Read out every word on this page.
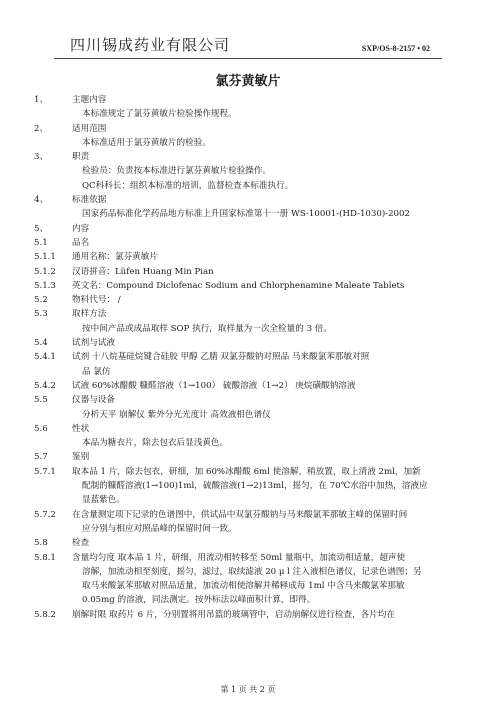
四川锡成药业有限公司	SXP/OS-8-2157 • 02
氯芬黄敏片
1、	主题内容
本标准规定了氯芬黄敏片检验操作规程。
2、	适用范围
本标准适用于氯芬黄敏片的检验。
3、	职责
检验员：负责按本标准进行氯芬黄敏片检验操作。
QC科科长：组织本标准的培训，监督检查本标准执行。
4、	标准依据
国家药品标准化学药品地方标准上升国家标准第十一册 WS-10001-(HD-1030)-2002
5、	内容
5.1	品名
5.1.1 通用名称：氯芬黄敏片
5.1.2 汉语拼音：Lüfen Huang Min Pian
5.1.3 英文名：Compound Diclofenac Sodium and Chlorphenamine Maleate Tablets
5.2	物料代号： /
5.3	取样方法
按中间产品或成品取样 SOP 执行，取样量为一次全检量的 3 倍。
5.4	试剂与试液
5.4.1 试剂 十八烷基硅烷键合硅胶 甲醇 乙腈 双氯芬酸钠对照品 马来酸氯苯那敏对照
品 氯仿
5.4.2 试液 60%冰醋酸 糠醛溶液（1→100） 硫酸溶液（1→2） 庚烷磺酸钠溶液
5.5	仪器与设备
分析天平 崩解仪 紫外分光光度计 高效液相色谱仪
5.6	性状
本品为糖衣片，除去包衣后显浅黄色。
5.7	鉴别
5.7.1 取本品 1 片，除去包衣，研细，加 60%冰醋酸 6ml 使溶解，稍放置，取上清液 2ml，加新
配制的糠醛溶液(1→100)1ml，硫酸溶液(1→2)13ml，摇匀，在 70℃水浴中加热，溶液应
显蓝紫色。
5.7.2 在含量测定项下记录的色谱图中，供试品中双氯芬酸钠与马来酸氯苯那敏主峰的保留时间
应分别与相应对照品峰的保留时间一致。
5.8	检查
5.8.1 含量均匀度 取本品 1 片，研细，用流动相转移至 50ml 量瓶中，加流动相适量，超声使
溶解，加流动相至刻度，摇匀，滤过，取续滤液 20 μ l 注入液相色谱仪，记录色谱图；另
取马来酸氯苯那敏对照品适量，加流动相使溶解并稀释成每 1ml 中含马来酸氯苯那敏
0.05mg 的溶液，同法测定。按外标法以峰面积计算，即得。
5.8.2 崩解时限 取药片 6 片，分别置将用吊篮的玻璃管中，启动崩解仪进行检查，各片均在
第 1 页 共 2 页
